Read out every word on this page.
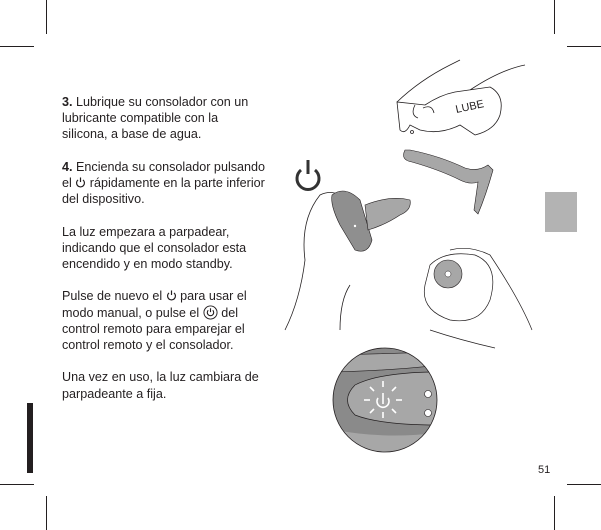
3. Lubrique su consolador con un lubricante compatible con la silicona, a base de agua.

4. Encienda su consolador pulsando el  rápidamente en la parte inferior del dispositivo.

La luz empezara a parpadear, indicando que el consolador esta encendido y en modo standby.

Pulse de nuevo el  para usar el modo manual, o pulse el  del control remoto para emparejar el control remoto y el consolador.

Una vez en uso, la luz cambiara de parpadeante a fija.

LUBE
51
